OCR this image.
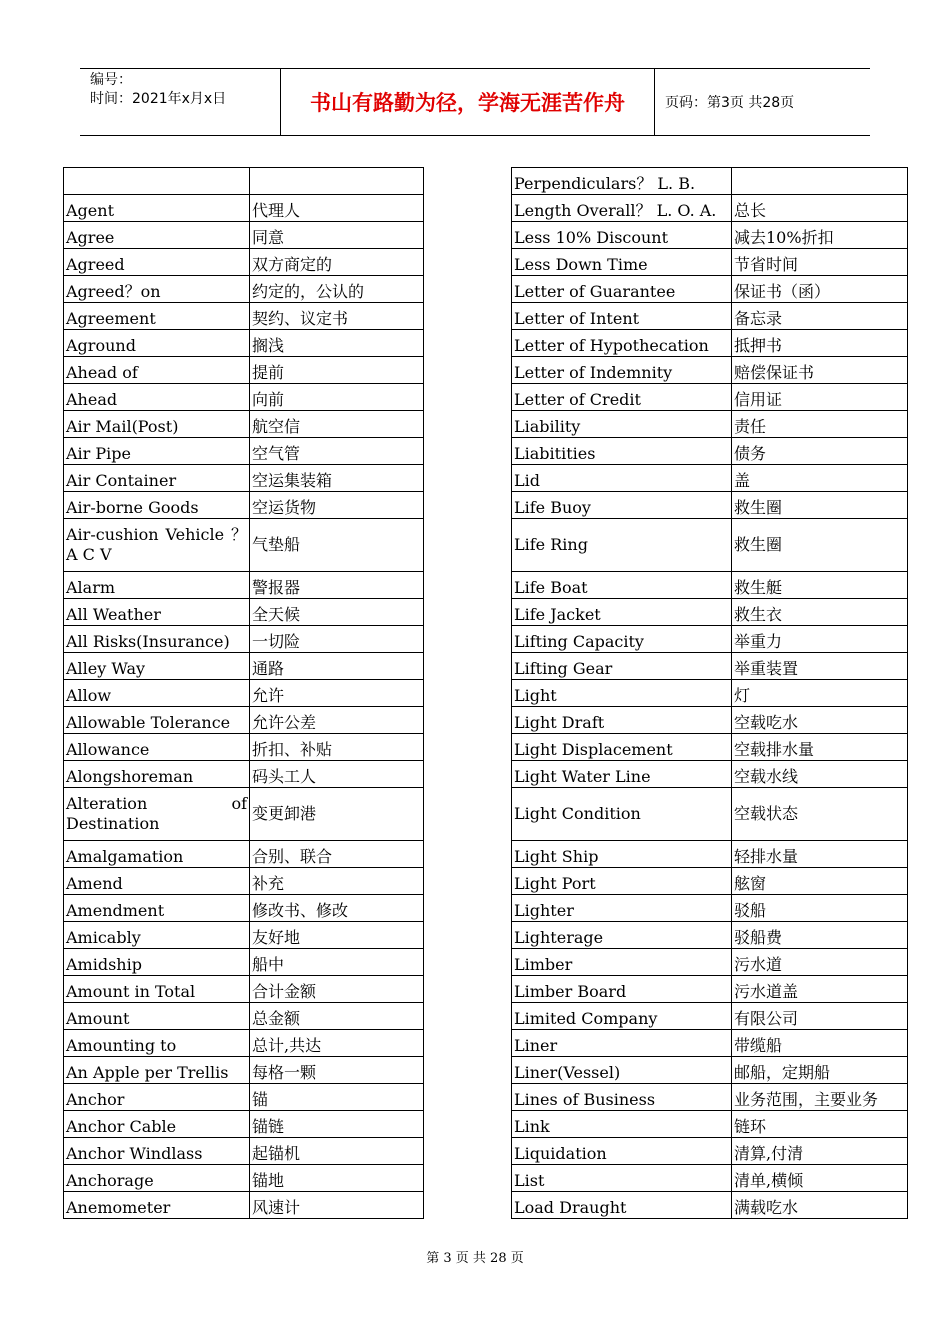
编号：
时间：2021年x月x日	书山有路勤为径，学海无涯苦作舟	页码：第3页 共28页

Agent	代理人
Agree	同意
Agreed	双方商定的
Agreed？on	约定的，公认的
Agreement	契约、议定书
Aground	搁浅
Ahead of	提前
Ahead	向前
Air Mail(Post)	航空信
Air Pipe	空气管
Air Container	空运集装箱
Air-borne Goods	空运货物
Air-cushion Vehicle ？A C V	气垫船
Alarm	警报器
All Weather	全天候
All Risks(Insurance)	一切险
Alley Way	通路
Allow	允许
Allowable Tolerance	允许公差
Allowance	折扣、补贴
Alongshoreman	码头工人
Alteration of Destination	变更卸港
Amalgamation	合别、联合
Amend	补充
Amendment	修改书、修改
Amicably	友好地
Amidship	船中
Amount in Total	合计金额
Amount	总金额
Amounting to	总计,共达
An Apple per Trellis	每格一颗
Anchor	锚
Anchor Cable	锚链
Anchor Windlass	起锚机
Anchorage	锚地
Anemometer	风速计
Perpendiculars？ L. B.	
Length Overall？ L. O. A.	总长
Less 10% Discount	减去10%折扣
Less Down Time	节省时间
Letter of Guarantee	保证书（函）
Letter of Intent	备忘录
Letter of Hypothecation	抵押书
Letter of Indemnity	赔偿保证书
Letter of Credit	信用证
Liability	责任
Liabitities	债务
Lid	盖
Life Buoy	救生圈
Life Ring	救生圈
Life Boat	救生艇
Life Jacket	救生衣
Lifting Capacity	举重力
Lifting Gear	举重装置
Light	灯
Light Draft	空载吃水
Light Displacement	空载排水量
Light Water Line	空载水线
Light Condition	空载状态
Light Ship	轻排水量
Light Port	舷窗
Lighter	驳船
Lighterage	驳船费
Limber	污水道
Limber Board	污水道盖
Limited Company	有限公司
Liner	带缆船
Liner(Vessel)	邮船，定期船
Lines of Business	业务范围，主要业务
Link	链环
Liquidation	清算,付清
List	清单,横倾
Load Draught	满载吃水
第 3 页 共 28 页
